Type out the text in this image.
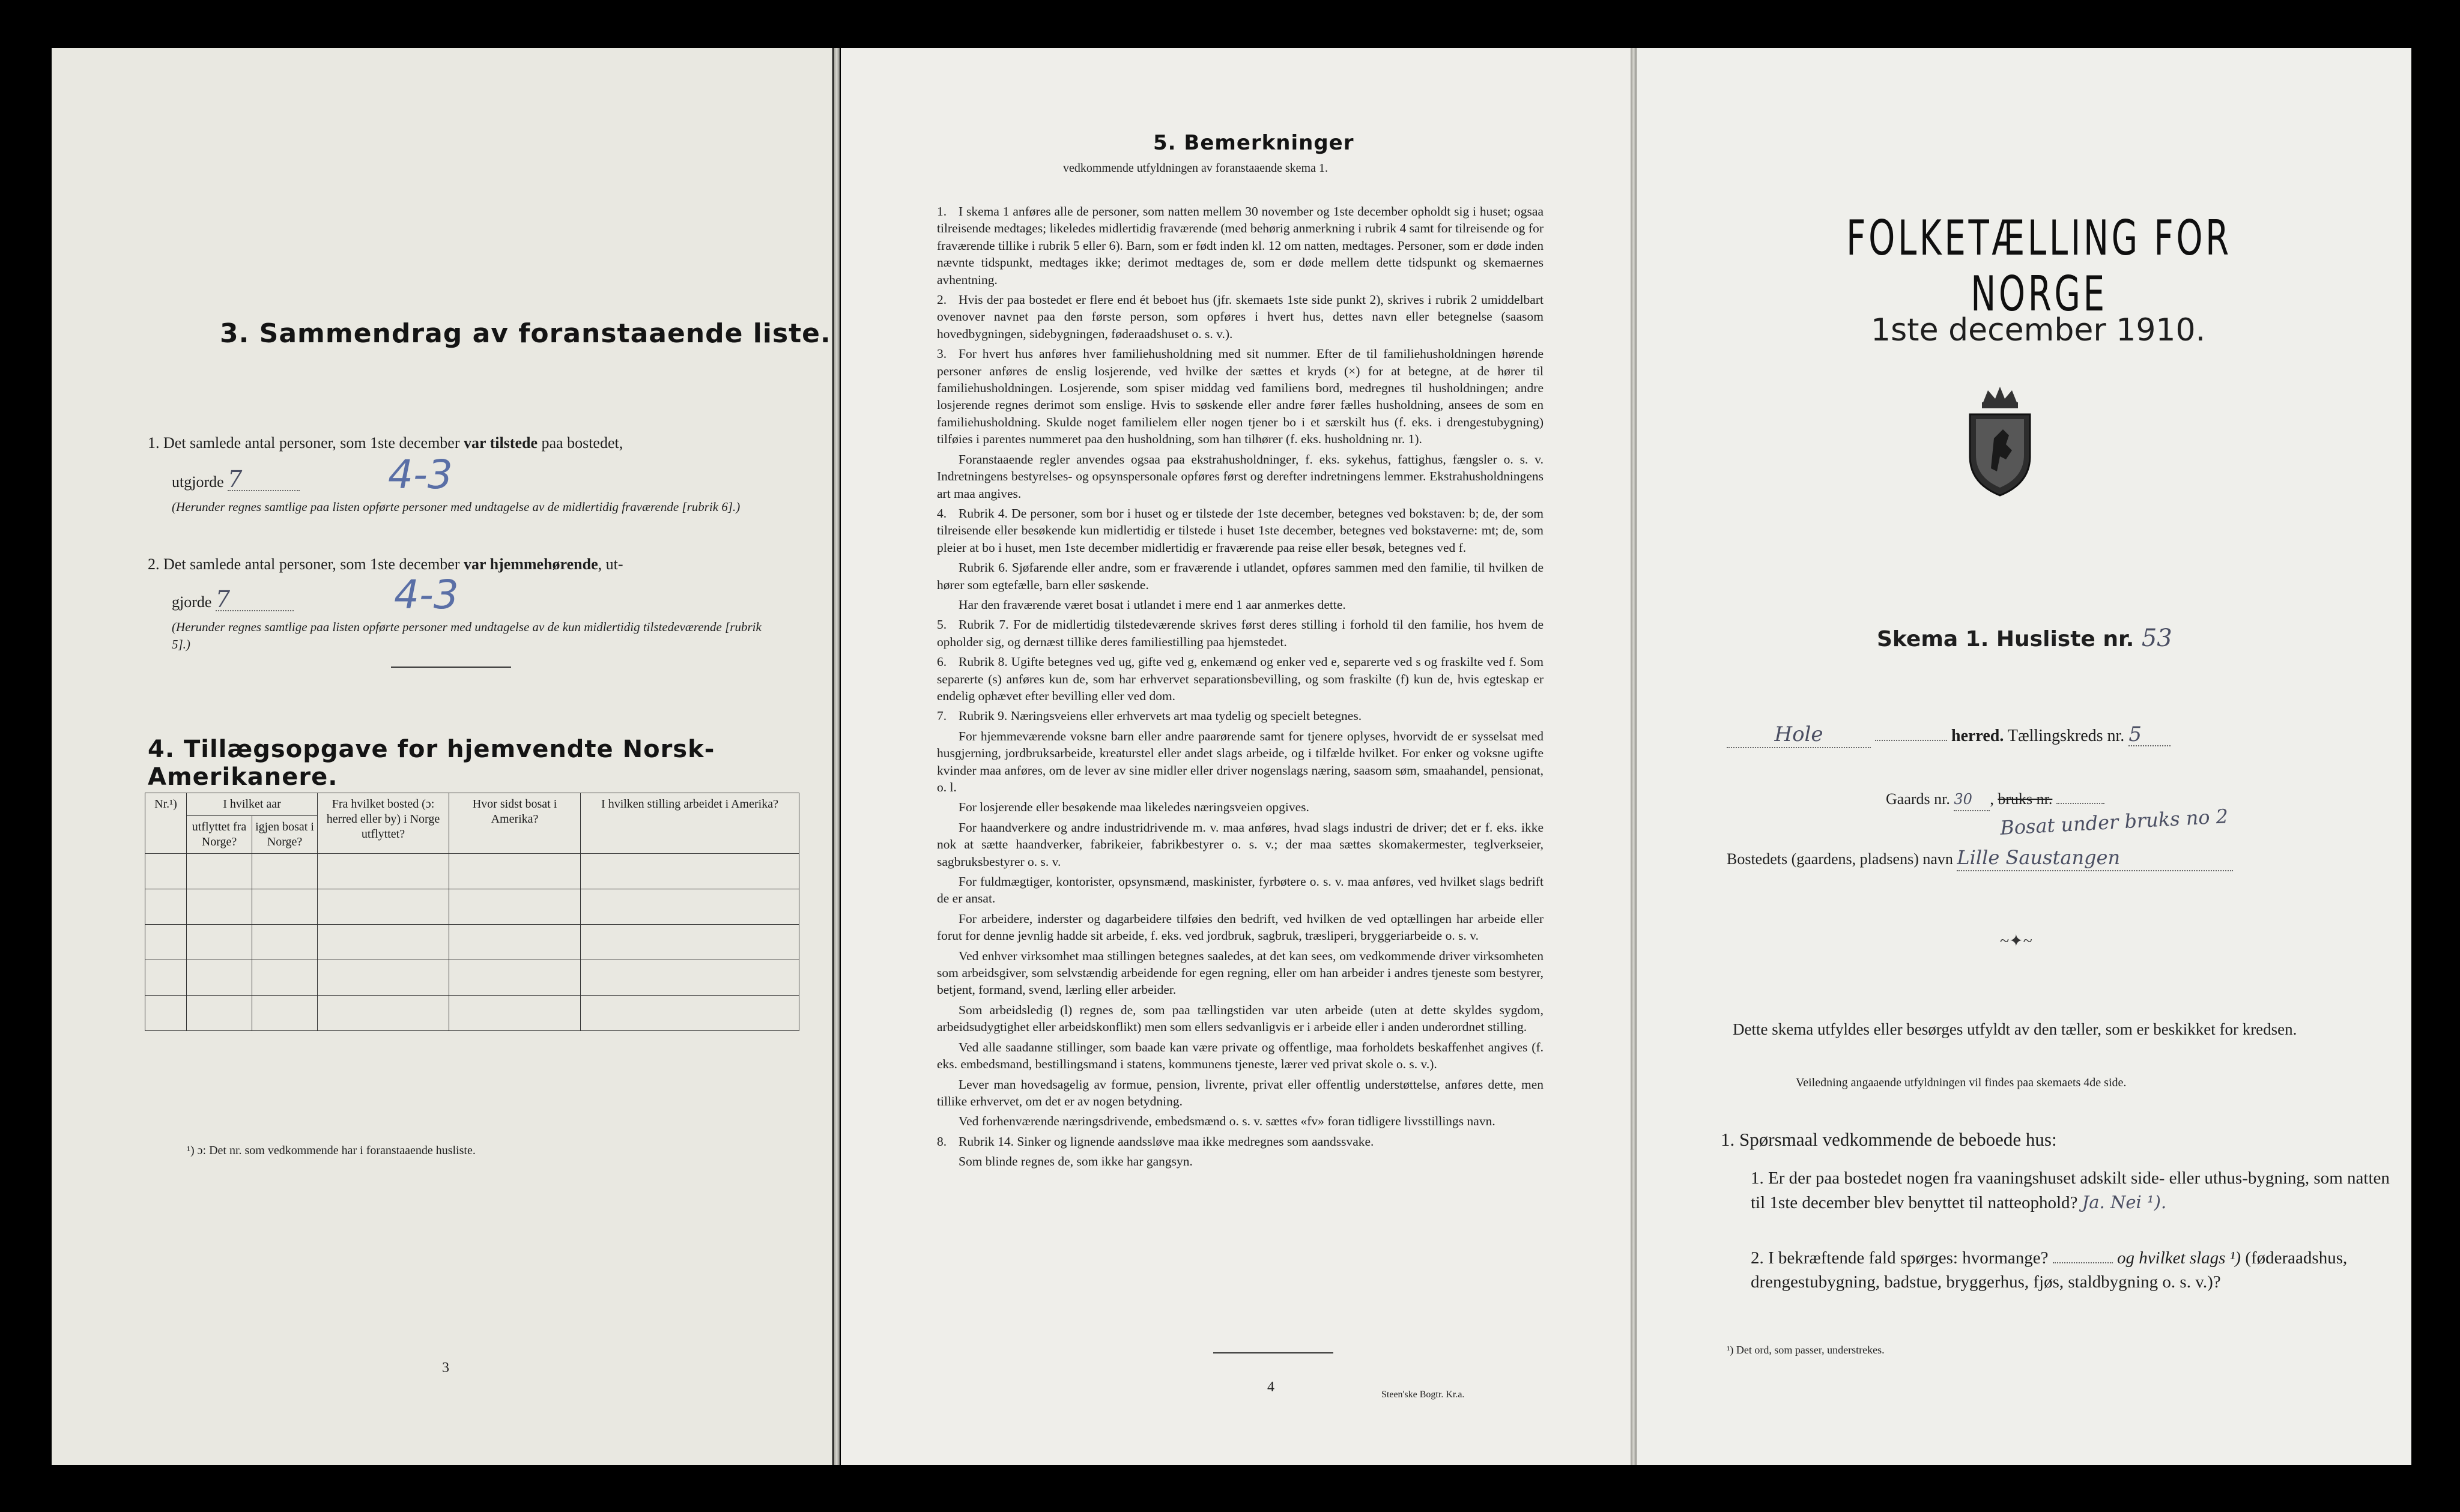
3. Sammendrag av foranstaaende liste.
1. Det samlede antal personer, som 1ste december var tilstede paa bostedet,
utgjorde 7	4-3
(Herunder regnes samtlige paa listen opførte personer med undtagelse av de midlertidig fraværende [rubrik 6].)
2. Det samlede antal personer, som 1ste december var hjemmehørende, ut-
gjorde 7	4-3
(Herunder regnes samtlige paa listen opførte personer med undtagelse av de kun midlertidig tilstedeværende [rubrik 5].)
4. Tillægsopgave for hjemvendte Norsk-Amerikanere.
Nr.¹)	I hvilket aar		Fra hvilket bosted (ɔ: herred eller by) i Norge utflyttet?	Hvor sidst bosat i Amerika?	I hvilken stilling arbeidet i Amerika?
	utflyttet fra Norge?	igjen bosat i Norge?			

¹) ɔ: Det nr. som vedkommende har i foranstaaende husliste.
3
5. Bemerkninger
vedkommende utfyldningen av foranstaaende skema 1.

1. I skema 1 anføres alle de personer, som natten mellem 30 november og 1ste december opholdt sig i huset; ogsaa tilreisende medtages; likeledes midlertidig fraværende (med behørig anmerkning i rubrik 4 samt for tilreisende og for fraværende tillike i rubrik 5 eller 6). Barn, som er født inden kl. 12 om natten, medtages. Personer, som er døde inden nævnte tidspunkt, medtages ikke; derimot medtages de, som er døde mellem dette tidspunkt og skemaernes avhentning.

2. Hvis der paa bostedet er flere end ét beboet hus (jfr. skemaets 1ste side punkt 2), skrives i rubrik 2 umiddelbart ovenover navnet paa den første person, som opføres i hvert hus, dettes navn eller betegnelse (saasom hovedbygningen, sidebygningen, føderaadshuset o. s. v.).

3. For hvert hus anføres hver familiehusholdning med sit nummer. Efter de til familiehusholdningen hørende personer anføres de enslig losjerende, ved hvilke der sættes et kryds (×) for at betegne, at de hører til familiehusholdningen. Losjerende, som spiser middag ved familiens bord, medregnes til husholdningen; andre losjerende regnes derimot som enslige. Hvis to søskende eller andre fører fælles husholdning, ansees de som en familiehusholdning. Skulde noget familielem eller nogen tjener bo i et særskilt hus (f. eks. i drengestubygning) tilføies i parentes nummeret paa den husholdning, som han tilhører (f. eks. husholdning nr. 1).

Foranstaaende regler anvendes ogsaa paa ekstrahusholdninger, f. eks. sykehus, fattighus, fængsler o. s. v. Indretningens bestyrelses- og opsynspersonale opføres først og derefter indretningens lemmer. Ekstrahusholdningens art maa angives.

4. Rubrik 4. De personer, som bor i huset og er tilstede der 1ste december, betegnes ved bokstaven: b; de, der som tilreisende eller besøkende kun midlertidig er tilstede i huset 1ste december, betegnes ved bokstaverne: mt; de, som pleier at bo i huset, men 1ste december midlertidig er fraværende paa reise eller besøk, betegnes ved f.

Rubrik 6. Sjøfarende eller andre, som er fraværende i utlandet, opføres sammen med den familie, til hvilken de hører som egtefælle, barn eller søskende.

Har den fraværende været bosat i utlandet i mere end 1 aar anmerkes dette.

5. Rubrik 7. For de midlertidig tilstedeværende skrives først deres stilling i forhold til den familie, hos hvem de opholder sig, og dernæst tillike deres familiestilling paa hjemstedet.

6. Rubrik 8. Ugifte betegnes ved ug, gifte ved g, enkemænd og enker ved e, separerte ved s og fraskilte ved f. Som separerte (s) anføres kun de, som har erhvervet separationsbevilling, og som fraskilte (f) kun de, hvis egteskap er endelig ophævet efter bevilling eller ved dom.

7. Rubrik 9. Næringsveiens eller erhvervets art maa tydelig og specielt betegnes.

For hjemmeværende voksne barn eller andre paarørende samt for tjenere oplyses, hvorvidt de er sysselsat med husgjerning, jordbruksarbeide, kreaturstel eller andet slags arbeide, og i tilfælde hvilket. For enker og voksne ugifte kvinder maa anføres, om de lever av sine midler eller driver nogenslags næring, saasom søm, smaahandel, pensionat, o. l.

For losjerende eller besøkende maa likeledes næringsveien opgives.

For haandverkere og andre industridrivende m. v. maa anføres, hvad slags industri de driver; det er f. eks. ikke nok at sætte haandverker, fabrikeier, fabrikbestyrer o. s. v.; der maa sættes skomakermester, teglverkseier, sagbruksbestyrer o. s. v.

For fuldmægtiger, kontorister, opsynsmænd, maskinister, fyrbøtere o. s. v. maa anføres, ved hvilket slags bedrift de er ansat.

For arbeidere, inderster og dagarbeidere tilføies den bedrift, ved hvilken de ved optællingen har arbeide eller forut for denne jevnlig hadde sit arbeide, f. eks. ved jordbruk, sagbruk, træsliperi, bryggeriarbeide o. s. v.

Ved enhver virksomhet maa stillingen betegnes saaledes, at det kan sees, om vedkommende driver virksomheten som arbeidsgiver, som selvstændig arbeidende for egen regning, eller om han arbeider i andres tjeneste som bestyrer, betjent, formand, svend, lærling eller arbeider.

Som arbeidsledig (l) regnes de, som paa tællingstiden var uten arbeide (uten at dette skyldes sygdom, arbeidsudygtighet eller arbeidskonflikt) men som ellers sedvanligvis er i arbeide eller i anden underordnet stilling.

Ved alle saadanne stillinger, som baade kan være private og offentlige, maa forholdets beskaffenhet angives (f. eks. embedsmand, bestillingsmand i statens, kommunens tjeneste, lærer ved privat skole o. s. v.).

Lever man hovedsagelig av formue, pension, livrente, privat eller offentlig understøttelse, anføres dette, men tillike erhvervet, om det er av nogen betydning.

Ved forhenværende næringsdrivende, embedsmænd o. s. v. sættes «fv» foran tidligere livsstillings navn.

8. Rubrik 14. Sinker og lignende aandssløve maa ikke medregnes som aandssvake.

Som blinde regnes de, som ikke har gangsyn.

4	Steen'ske Bogtr. Kr.a.
FOLKETÆLLING FOR NORGE
1ste december 1910.
Skema 1. Husliste nr. 53
Hole	herred. Tællingskreds nr. 5
Gaards nr. 30 , bruks nr.
Bosat under bruks no 2
Bostedets (gaardens, pladsens) navn Lille Saustangen
~✦~
Dette skema utfyldes eller besørges utfyldt av den tæller, som er beskikket for kredsen.
Veiledning angaaende utfyldningen vil findes paa skemaets 4de side.
1. Spørsmaal vedkommende de beboede hus:
1. Er der paa bostedet nogen fra vaaningshuset adskilt side- eller uthus-bygning, som natten til 1ste december blev benyttet til natteophold? Ja. Nei ¹).
2. I bekræftende fald spørges: hvormange?	og hvilket slags ¹) (føderaadshus, drengestubygning, badstue, bryggerhus, fjøs, staldbygning o. s. v.)?
¹) Det ord, som passer, understrekes.
